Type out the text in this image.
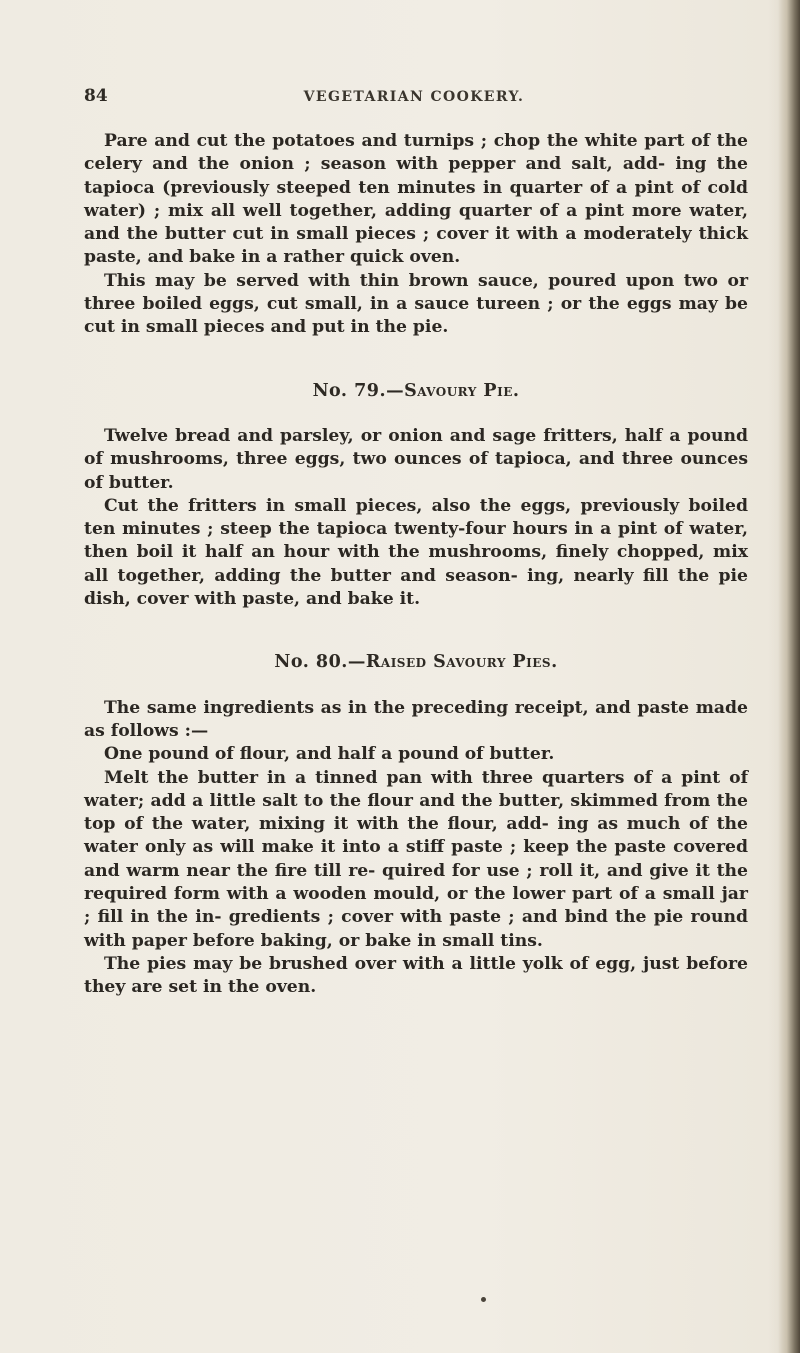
84	VEGETARIAN COOKERY.

Pare and cut the potatoes and turnips ; chop the white part of the celery and the onion ; season with pepper and salt, add- ing the tapioca (previously steeped ten minutes in quarter of a pint of cold water) ; mix all well together, adding quarter of a pint more water, and the butter cut in small pieces ; cover it with a moderately thick paste, and bake in a rather quick oven.

This may be served with thin brown sauce, poured upon two or three boiled eggs, cut small, in a sauce tureen ; or the eggs may be cut in small pieces and put in the pie.

No. 79.—Savoury Pie.

Twelve bread and parsley, or onion and sage fritters, half a pound of mushrooms, three eggs, two ounces of tapioca, and three ounces of butter.

Cut the fritters in small pieces, also the eggs, previously boiled ten minutes ; steep the tapioca twenty-four hours in a pint of water, then boil it half an hour with the mushrooms, finely chopped, mix all together, adding the butter and season- ing, nearly fill the pie dish, cover with paste, and bake it.

No. 80.—Raised Savoury Pies.

The same ingredients as in the preceding receipt, and paste made as follows :—

One pound of flour, and half a pound of butter.

Melt the butter in a tinned pan with three quarters of a pint of water; add a little salt to the flour and the butter, skimmed from the top of the water, mixing it with the flour, add- ing as much of the water only as will make it into a stiff paste ; keep the paste covered and warm near the fire till re- quired for use ; roll it, and give it the required form with a wooden mould, or the lower part of a small jar ; fill in the in- gredients ; cover with paste ; and bind the pie round with paper before baking, or bake in small tins.

The pies may be brushed over with a little yolk of egg, just before they are set in the oven.
